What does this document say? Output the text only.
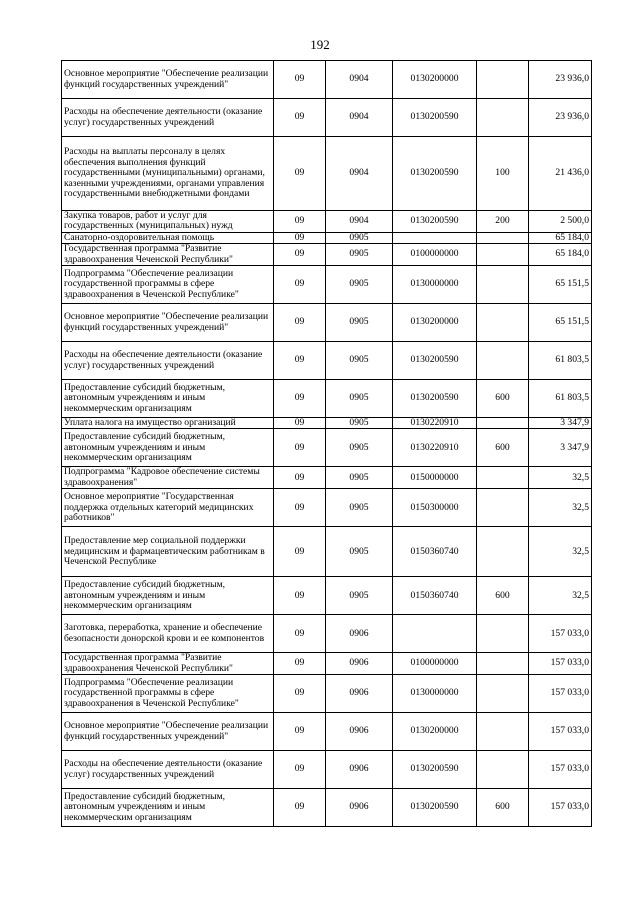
192
Основное мероприятие "Обеспечение реализации функций государственных учреждений"	09	0904	0130200000		23 936,0
Расходы на обеспечение деятельности (оказание услуг) государственных учреждений	09	0904	0130200590		23 936,0
Расходы на выплаты персоналу в целях обеспечения выполнения функций государственными (муниципальными) органами, казенными учреждениями, органами управления государственными внебюджетными фондами	09	0904	0130200590	100	21 436,0
Закупка товаров, работ и услуг для государственных (муниципальных) нужд	09	0904	0130200590	200	2 500,0
Санаторно-оздоровительная помощь	09	0905			65 184,0
Государственная программа "Развитие здравоохранения Чеченской Республики"	09	0905	0100000000		65 184,0
Подпрограмма "Обеспечение реализации государственной программы в сфере здравоохранения в Чеченской Республике"	09	0905	0130000000		65 151,5
Основное мероприятие "Обеспечение реализации функций государственных учреждений"	09	0905	0130200000		65 151,5
Расходы на обеспечение деятельности (оказание услуг) государственных учреждений	09	0905	0130200590		61 803,5
Предоставление субсидий бюджетным, автономным учреждениям и иным некоммерческим организациям	09	0905	0130200590	600	61 803,5
Уплата налога на имущество организаций	09	0905	0130220910		3 347,9
Предоставление субсидий бюджетным, автономным учреждениям и иным некоммерческим организациям	09	0905	0130220910	600	3 347,9
Подпрограмма "Кадровое обеспечение системы здравоохранения"	09	0905	0150000000		32,5
Основное мероприятие "Государственная поддержка отдельных категорий медицинских работников"	09	0905	0150300000		32,5
Предоставление мер социальной поддержки медицинским и фармацевтическим работникам в Чеченской Республике	09	0905	0150360740		32,5
Предоставление субсидий бюджетным, автономным учреждениям и иным некоммерческим организациям	09	0905	0150360740	600	32,5
Заготовка, переработка, хранение и обеспечение безопасности донорской крови и ее компонентов	09	0906			157 033,0
Государственная программа "Развитие здравоохранения Чеченской Республики"	09	0906	0100000000		157 033,0
Подпрограмма "Обеспечение реализации государственной программы в сфере здравоохранения в Чеченской Республике"	09	0906	0130000000		157 033,0
Основное мероприятие "Обеспечение реализации функций государственных учреждений"	09	0906	0130200000		157 033,0
Расходы на обеспечение деятельности (оказание услуг) государственных учреждений	09	0906	0130200590		157 033,0
Предоставление субсидий бюджетным, автономным учреждениям и иным некоммерческим организациям	09	0906	0130200590	600	157 033,0
